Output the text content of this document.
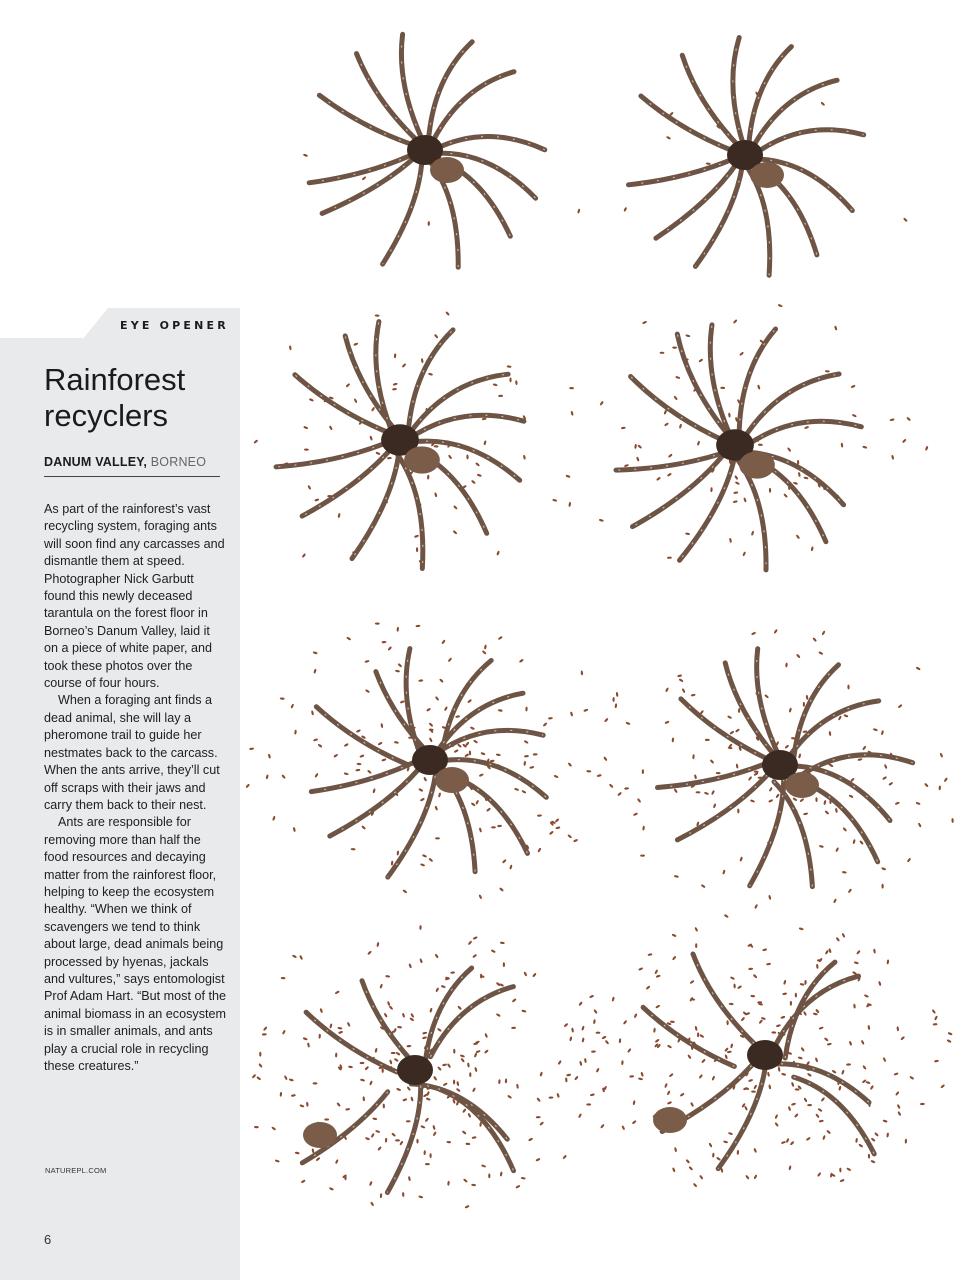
EYE OPENER
Rainforest
recyclers
DANUM VALLEY, BORNEO

As part of the rainforest’s vast recycling system, foraging ants will soon find any carcasses and dismantle them at speed. Photographer Nick Garbutt found this newly deceased tarantula on the forest floor in Borneo’s Danum Valley, laid it on a piece of white paper, and took these photos over the course of four hours.

When a foraging ant finds a dead animal, she will lay a pheromone trail to guide her nestmates back to the carcass. When the ants arrive, they’ll cut off scraps with their jaws and carry them back to their nest.

Ants are responsible for removing more than half the food resources and decaying matter from the rainforest floor, helping to keep the ecosystem healthy. “When we think of scavengers we tend to think about large, dead animals being processed by hyenas, jackals and vultures,” says entomologist Prof Adam Hart. “But most of the animal biomass in an ecosystem is in smaller animals, and ants play a crucial role in recycling these creatures.”

NATUREPL.COM
6
